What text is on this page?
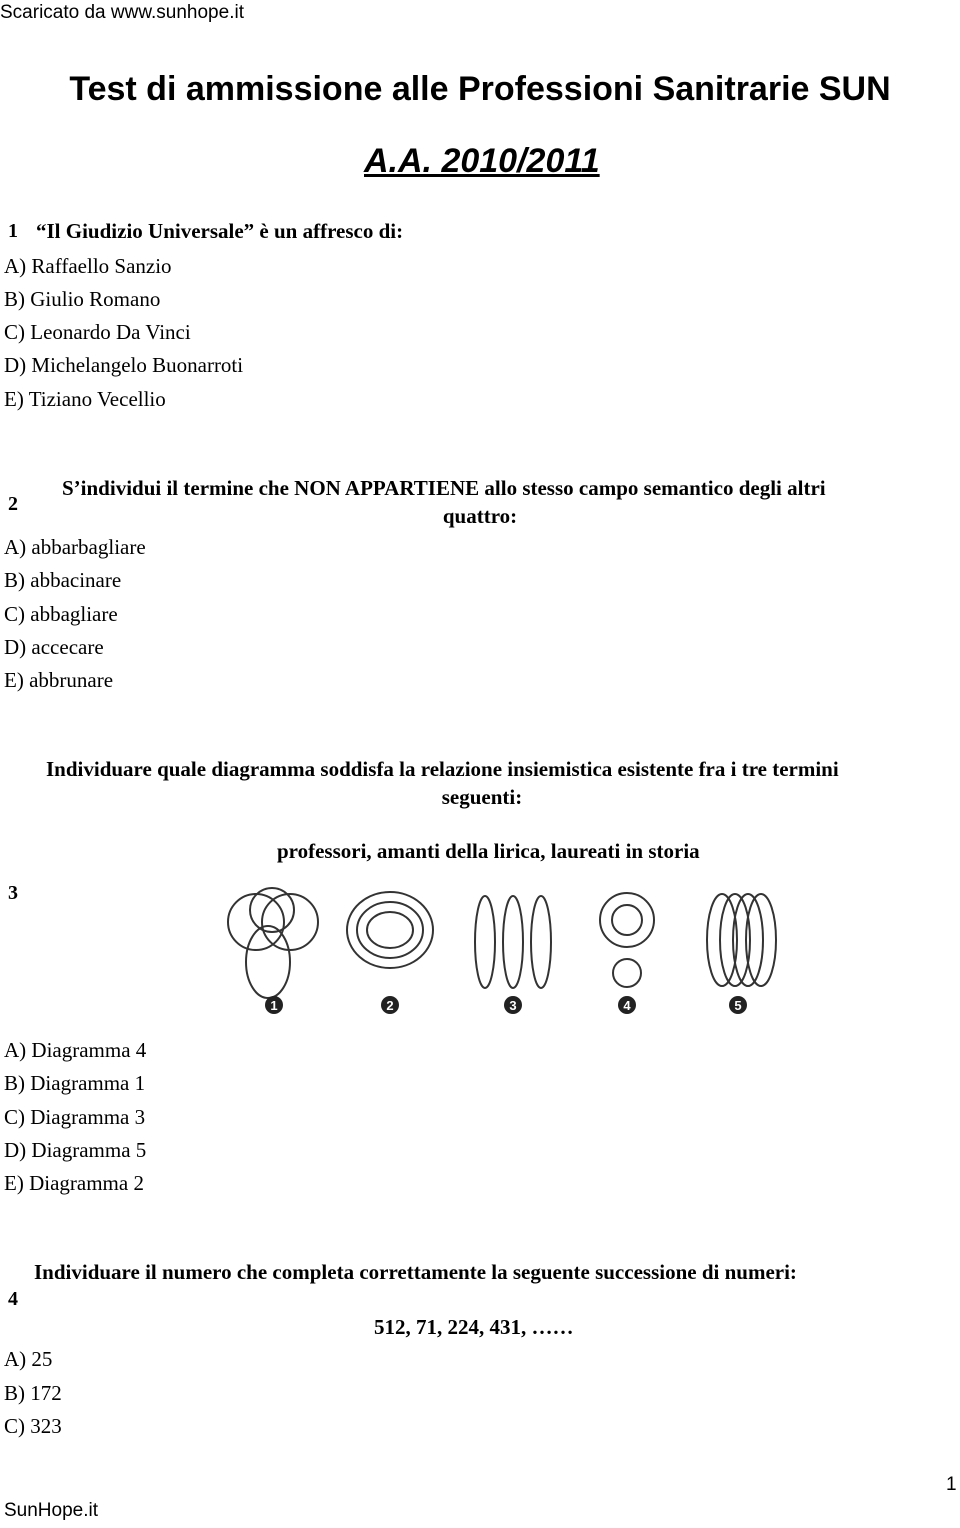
Scaricato da www.sunhope.it
Test di ammissione alle Professioni Sanitrarie SUN
A.A. 2010/2011
1 “Il Giudizio Universale” è un affresco di:
A) Raffaello Sanzio
B) Giulio Romano
C) Leonardo Da Vinci
D) Michelangelo Buonarroti
E) Tiziano Vecellio
2
S’individui il termine che NON APPARTIENE allo stesso campo semantico degli altri
quattro:
A) abbarbagliare
B) abbacinare
C) abbagliare
D) accecare
E) abbrunare
Individuare quale diagramma soddisfa la relazione insiemistica esistente fra i tre termini
seguenti:
professori, amanti della lirica, laureati in storia
3
1	2	3	4	5
A) Diagramma 4
B) Diagramma 1
C) Diagramma 3
D) Diagramma 5
E) Diagramma 2
Individuare il numero che completa correttamente la seguente successione di numeri:
4
512, 71, 224, 431, ……
A) 25
B) 172
C) 323
1
SunHope.it
